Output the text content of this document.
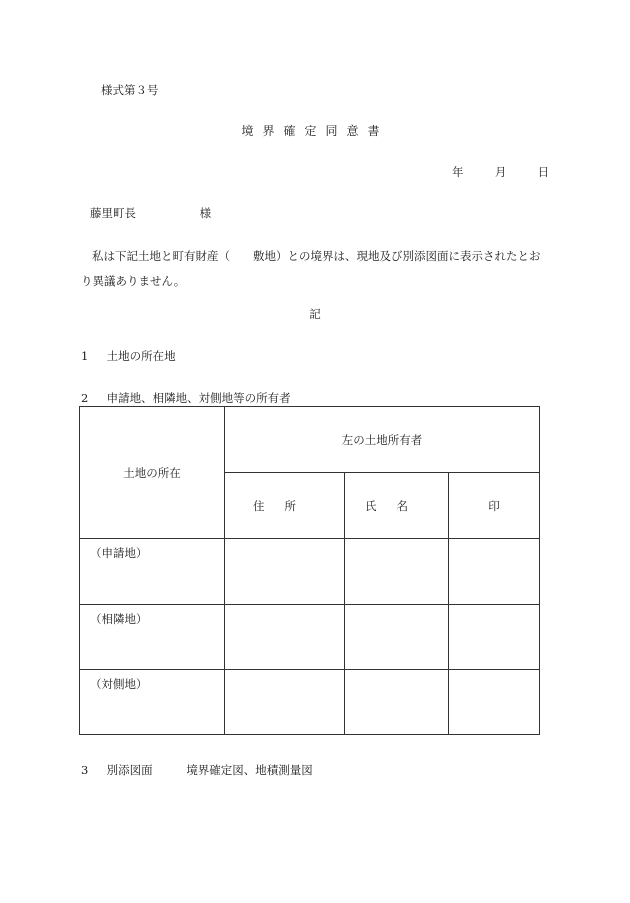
様式第３号
境界確定同意書
年	月	日
藤里町長	様
私は下記土地と町有財産（　　敷地）との境界は、現地及び別添図面に表示されたとおり異議ありません。
記
1 土地の所在地
2 申請地、相隣地、対側地等の所有者
土地の所在	左の土地所有者		
	住所	氏名	印
（申請地）			
（相隣地）			
（対側地）			
3 別添図面	境界確定図、地積測量図
